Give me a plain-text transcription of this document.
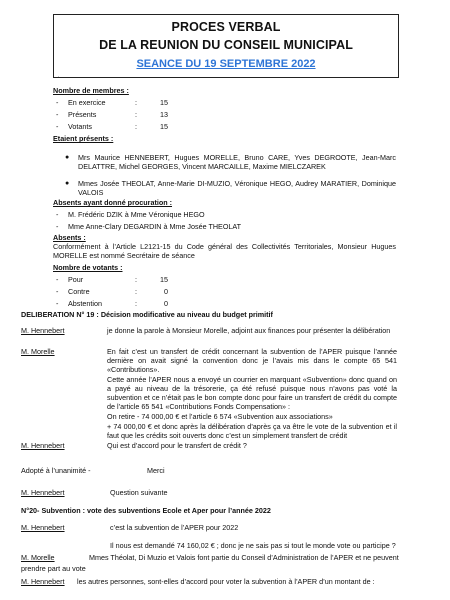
PROCES VERBAL
DE LA REUNION DU CONSEIL MUNICIPAL
SEANCE DU 19 SEPTEMBRE 2022
.
Nombre de membres :
- En exercice	:	15
- Présents	:	13
- Votants	:	15
Etaient présents :
● Mrs Maurice HENNEBERT, Hugues MORELLE, Bruno CARE, Yves DEGROOTE, Jean-Marc DELATTRE, Michel GEORGES, Vincent MARCAILLE, Maxime MIELCZAREK
● Mmes Josée THEOLAT, Anne-Marie DI-MUZIO, Véronique HEGO, Audrey MARATIER, Dominique VALOIS
Absents ayant donné procuration :
- M. Frédéric DZIK à Mme Véronique HEGO
- Mme Anne-Clary DEGARDIN à Mme Josée THEOLAT
Absents :
Conformément à l’Article L2121-15 du Code général des Collectivités Territoriales, Monsieur Hugues MORELLE est nommé Secrétaire de séance
Nombre de votants :
- Pour	:	15
- Contre	:	0
- Abstention	:	0
DELIBERATION N° 19 : Décision modificative au niveau du budget primitif
M. Hennebert	je donne la parole à Monsieur Morelle, adjoint aux finances pour présenter la délibération
M. Morelle	En fait c’est un transfert de crédit concernant la subvention de l’APER puisque l’année dernière on avait signé la convention donc je l’avais mis dans le compte 65 541 «Contributions».
Cette année l’APER nous a envoyé un courrier en marquant «Subvention» donc quand on a payé au niveau de la trésorerie, ça été refusé puisque nous n’avons pas voté la subvention et ce n’était pas le bon compte donc pour faire un transfert de crédit du compte de l’article 65 541 «Contributions Fonds Compensation» :
On retire - 74 000,00 € et l’article 6 574 «Subvention aux associations»
+ 74 000,00 € et donc après la délibération d’après ça va être le vote de la subvention et il faut que les crédits soit ouverts donc c’est un simplement transfert de crédit
M. Hennebert	Qui est d’accord pour le transfert de crédit ?
Adopté à l’unanimité -	Merci
M. Hennebert	Question suivante
N°20- Subvention : vote des subventions Ecole et Aper pour l’année 2022
M. Hennebert	c’est la subvention de l’APER pour 2022
Il nous est demandé 74 160,02 € ; donc je ne sais pas si tout le monde vote ou participe ?
M. Morelle	Mmes Théolat, Di Muzio et Valois font partie du Conseil d’Administration de l’APER et ne peuvent
prendre part au vote
M. Hennebert les autres personnes, sont-elles d’accord pour voter la subvention à l’APER d’un montant de :
